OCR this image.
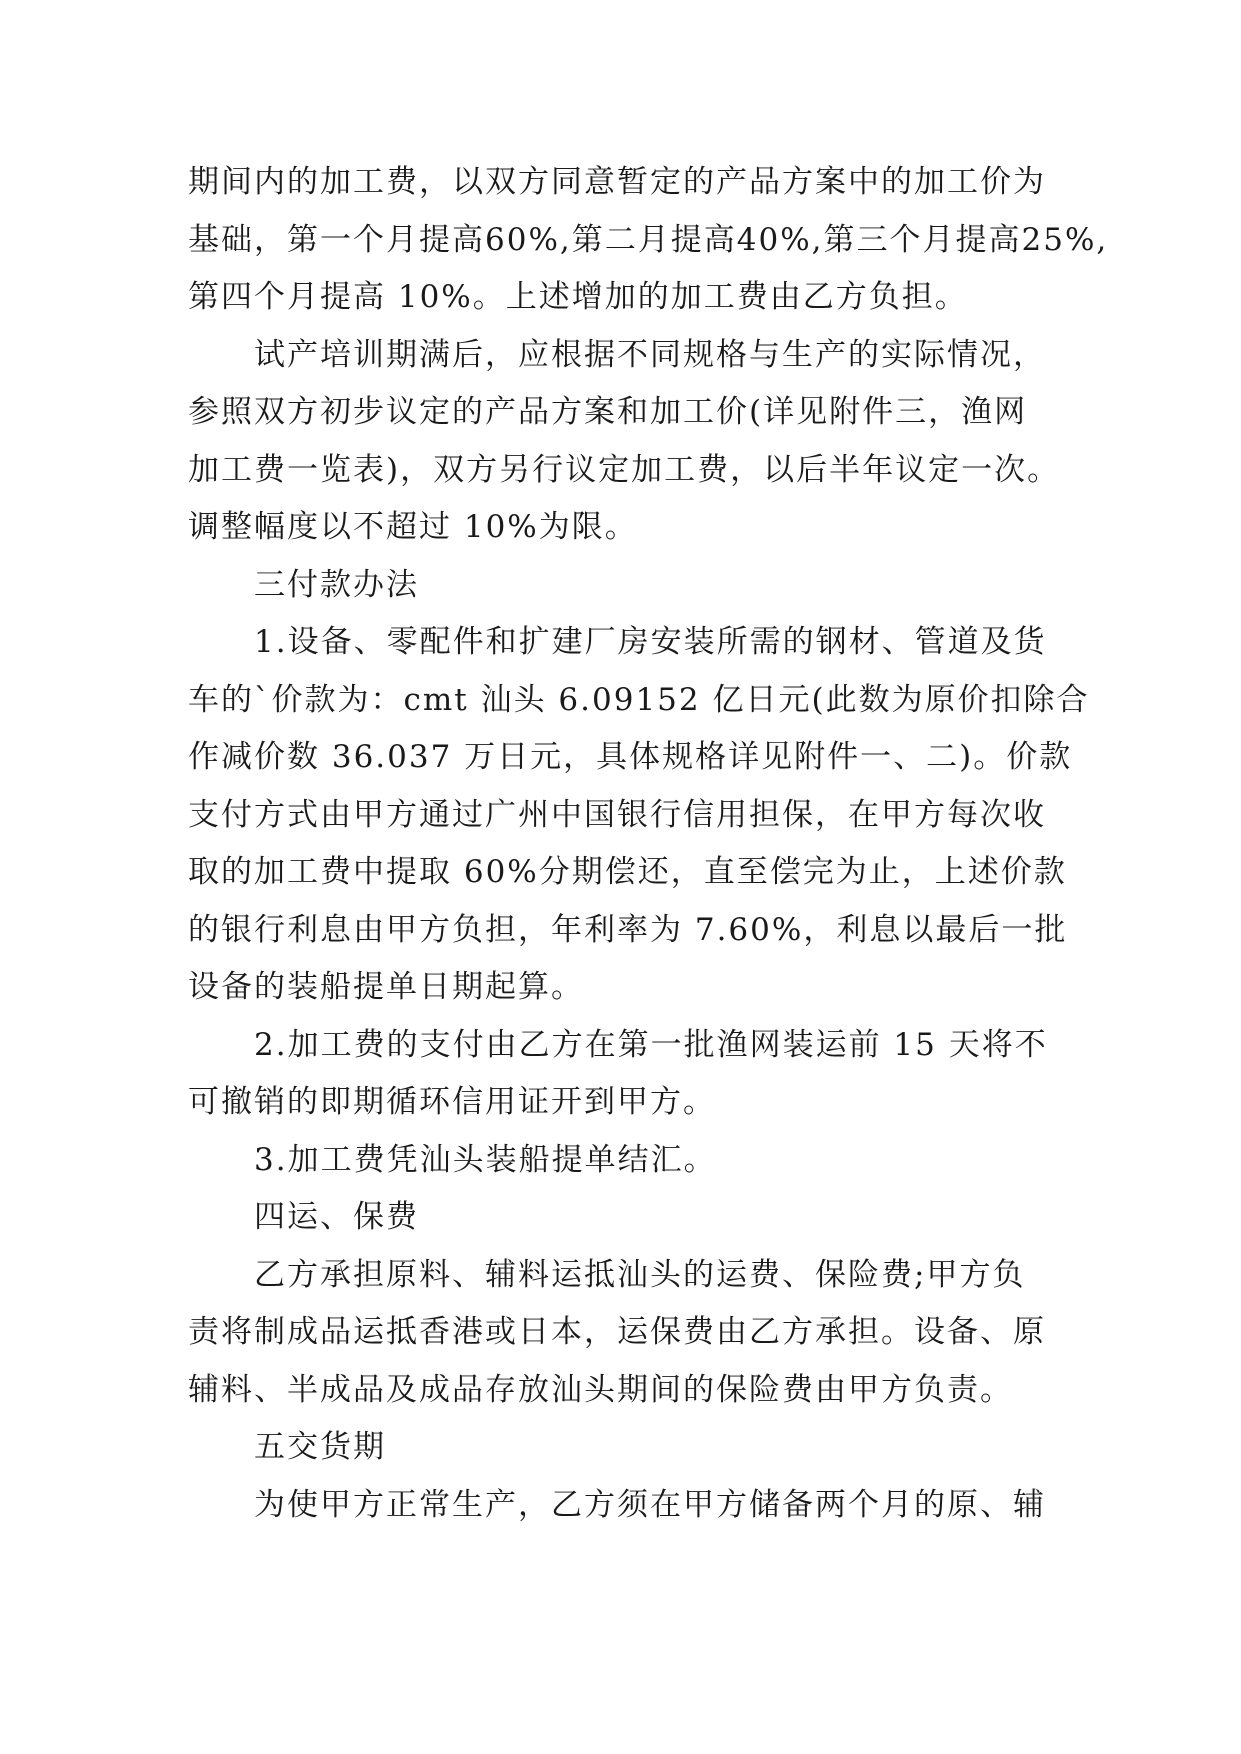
期间内的加工费，以双方同意暂定的产品方案中的加工价为
基础，第一个月提高60%,第二月提高40%,第三个月提高25%,
第四个月提高 10%。上述增加的加工费由乙方负担。
试产培训期满后，应根据不同规格与生产的实际情况，
参照双方初步议定的产品方案和加工价(详见附件三，渔网
加工费一览表)，双方另行议定加工费，以后半年议定一次。
调整幅度以不超过 10%为限。
三付款办法
1.设备、零配件和扩建厂房安装所需的钢材、管道及货
车的`价款为：cmt 汕头 6.09152 亿日元(此数为原价扣除合
作减价数 36.037 万日元，具体规格详见附件一、二)。价款
支付方式由甲方通过广州中国银行信用担保，在甲方每次收
取的加工费中提取 60%分期偿还，直至偿完为止，上述价款
的银行利息由甲方负担，年利率为 7.60%，利息以最后一批
设备的装船提单日期起算。
2.加工费的支付由乙方在第一批渔网装运前 15 天将不
可撤销的即期循环信用证开到甲方。
3.加工费凭汕头装船提单结汇。
四运、保费
乙方承担原料、辅料运抵汕头的运费、保险费;甲方负
责将制成品运抵香港或日本，运保费由乙方承担。设备、原
辅料、半成品及成品存放汕头期间的保险费由甲方负责。
五交货期
为使甲方正常生产，乙方须在甲方储备两个月的原、辅
